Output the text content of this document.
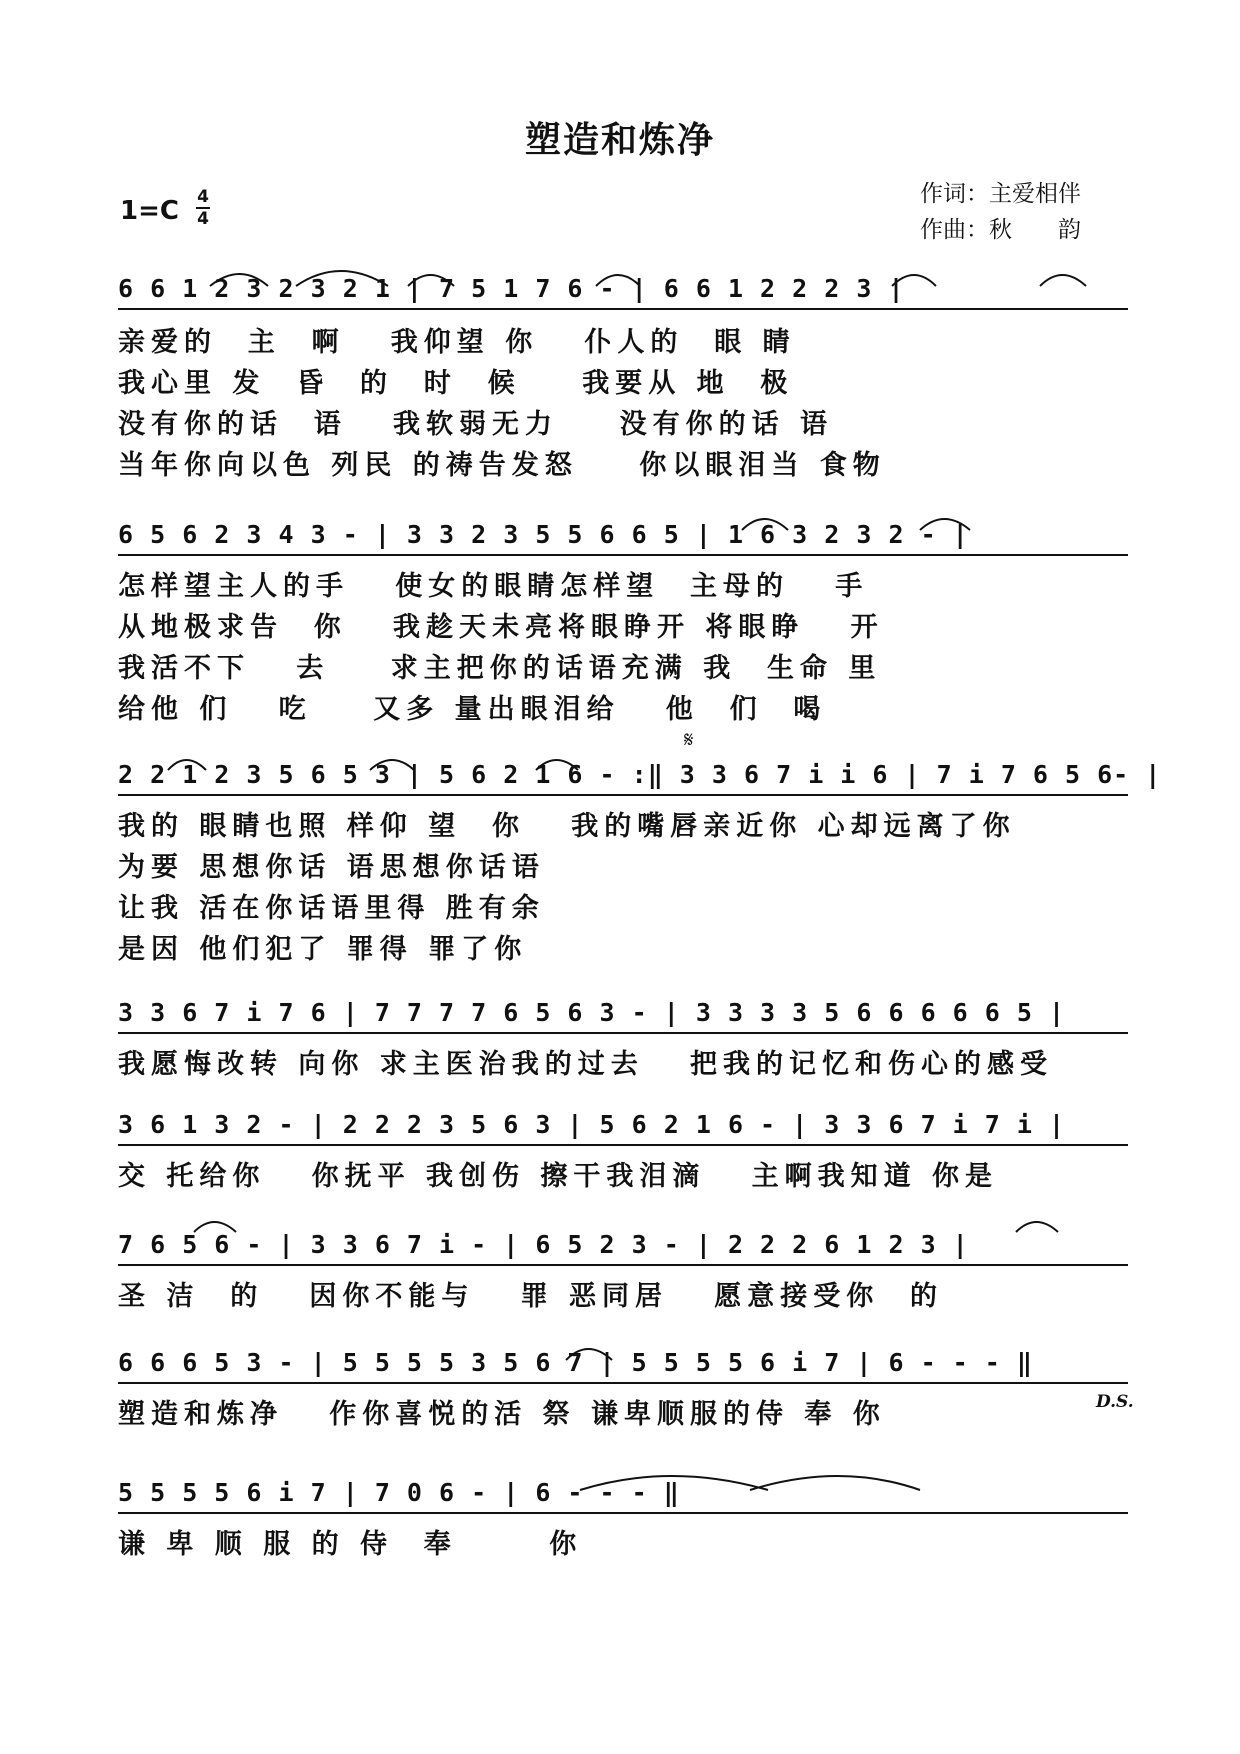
塑造和炼净
1=C 4
4
作词：主爱相伴
作曲：秋　　韵
6 6 1 2 3 2 3 2 1 | 7 5 1 7 6 - | 6 6 1 2 2 2 3 |
亲爱的  主  啊   我仰望 你   仆人的  眼 睛
我心里 发  昏  的  时  候    我要从 地  极
没有你的话  语   我软弱无力    没有你的话 语
当年你向以色 列民 的祷告发怒    你以眼泪当 食物
6 5 6 2 3 4 3 - | 3 3 2 3 5 5 6 6 5 | 1 6 3 2 3 2 - |
怎样望主人的手   使女的眼睛怎样望  主母的   手
从地极求告  你   我趁天未亮将眼睁开 将眼睁   开
我活不下   去    求主把你的话语充满 我  生命 里
给他 们   吃    又多 量出眼泪给   他  们  喝
𝄋
2 2 1 2 3 5 6 5 3 | 5 6 2 1 6 - :‖ 3 3 6 7 i i 6 | 7 i 7 6 5 6- |
我的 眼睛也照 样仰 望  你   我的嘴唇亲近你 心却远离了你
为要 思想你话 语思想你话语
让我 活在你话语里得 胜有余
是因 他们犯了 罪得 罪了你
3 3 6 7 i 7 6 | 7 7 7 7 6 5 6 3 - | 3 3 3 3 5 6 6 6 6 6 5 |
我愿悔改转 向你 求主医治我的过去   把我的记忆和伤心的感受
3 6 1 3 2 - | 2 2 2 3 5 6 3 | 5 6 2 1 6 - | 3 3 6 7 i 7 i |
交 托给你   你抚平 我创伤 擦干我泪滴   主啊我知道 你是
7 6 5 6 - | 3 3 6 7 i - | 6 5 2 3 - | 2 2 2 6 1 2 3 |
圣 洁  的   因你不能与   罪 恶同居   愿意接受你  的
6 6 6 5 3 - | 5 5 5 5 3 5 6 7 | 5 5 5 5 6 i 7 | 6 - - - ‖
塑造和炼净   作你喜悦的活 祭 谦卑顺服的侍 奉 你	D.S.
5 5 5 5 6 i 7 | 7 0 6 - | 6 - - - ‖
谦 卑 顺 服 的 侍  奉      你
